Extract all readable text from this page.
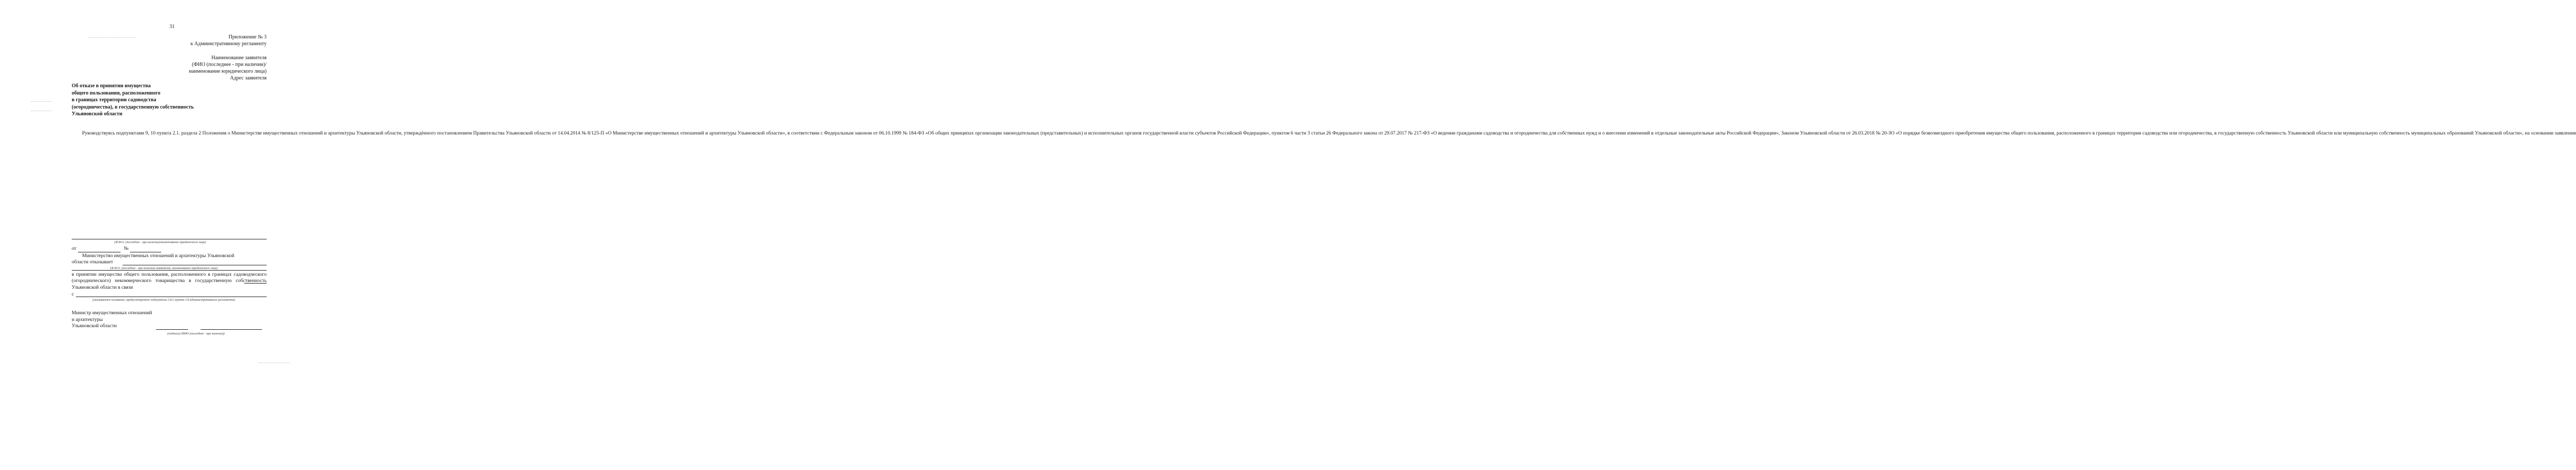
31
Приложение № 3
к Административному регламенту
Наименование заявителя
(ФИО (последнее - при наличии)/
наименование юридического лица)
Адрес заявителя
Об отказе в принятии имущества
общего пользования, расположенного
в границах территории садоводства
(огородничества), в государственную собственность
Ульяновской области

Руководствуясь подпунктами 9, 10 пункта 2.1. раздела 2 Положения о Министерстве имущественных отношений и архитектуры Ульяновской области, утверждённого постановлением Правительства Ульяновской области от 14.04.2014 № 8/125-П «О Министерстве имущественных отношений и архитектуры Ульяновской области», в соответствии с Федеральным законом от 06.10.1999 № 184-ФЗ «Об общих принципах организации законодательных (представительных) и исполнительных органов государственной власти субъектов Российской Федерации», пунктом 6 части 3 статьи 26 Федерального закона от 29.07.2017 № 217-ФЗ «О ведении гражданами садоводства и огородничества для собственных нужд и о внесении изменений в отдельные законодательные акты Российской Федерации», Законом Ульяновской области от 26.03.2018 № 20-ЗО «О порядке безвозмездного приобретения имущества общего пользования, расположенного в границах территории садоводства или огородничества, в государственную собственность Ульяновской области или муниципальную собственность муниципальных образований Ульяновской области», на основании заявления

(Ф.И.О. (последнее - при наличии)/наименование юридического лица)
от	№
Министерство имущественных отношений и архитектуры Ульяновской
области отказывает
(Ф.И.О. (последнее - при наличии) заявителя), наименование юридического лица)
в принятии имущества общего пользования, расположенного в границах садоводческого (огороднического) некоммерческого товарищества в государственную собственность Ульяновской области в связи
с
(указывается основание, предусмотренное подпунктом 2.8.2 пункта 2.8 административного регламента)
Министр имущественных отношений
и архитектуры
Ульяновской области
(подпись) (ФИО (последнее - при наличии))
